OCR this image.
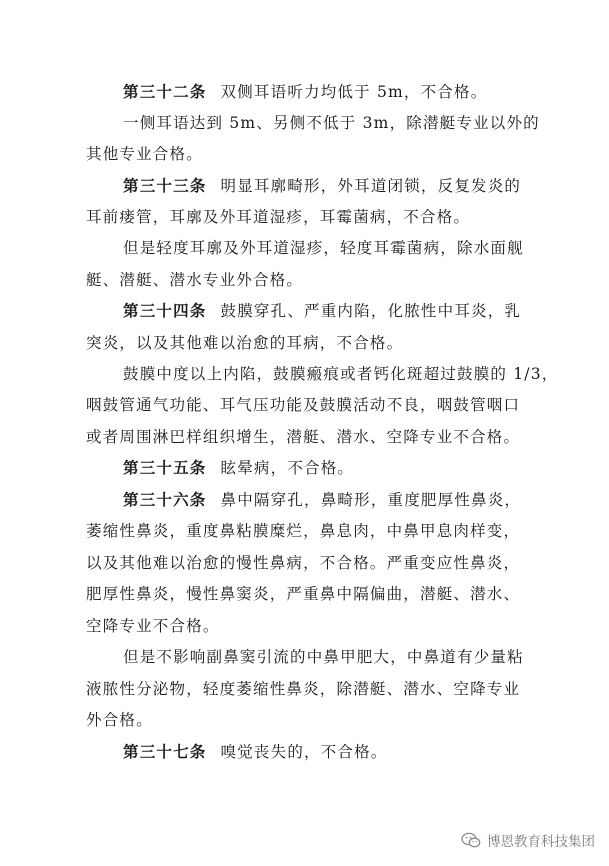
第三十二条 双侧耳语听力均低于 5m，不合格。
一侧耳语达到 5m、另侧不低于 3m，除潜艇专业以外的
其他专业合格。
第三十三条 明显耳廓畸形，外耳道闭锁，反复发炎的
耳前瘘管，耳廓及外耳道湿疹，耳霉菌病，不合格。
但是轻度耳廓及外耳道湿疹，轻度耳霉菌病，除水面舰
艇、潜艇、潜水专业外合格。
第三十四条 鼓膜穿孔、严重内陷，化脓性中耳炎，乳
突炎，以及其他难以治愈的耳病，不合格。
鼓膜中度以上内陷，鼓膜瘢痕或者钙化斑超过鼓膜的 1/3，
咽鼓管通气功能、耳气压功能及鼓膜活动不良，咽鼓管咽口
或者周围淋巴样组织增生，潜艇、潜水、空降专业不合格。
第三十五条 眩晕病，不合格。
第三十六条 鼻中隔穿孔，鼻畸形，重度肥厚性鼻炎，
萎缩性鼻炎，重度鼻粘膜糜烂，鼻息肉，中鼻甲息肉样变，
以及其他难以治愈的慢性鼻病，不合格。严重变应性鼻炎，
肥厚性鼻炎，慢性鼻窦炎，严重鼻中隔偏曲，潜艇、潜水、
空降专业不合格。
但是不影响副鼻窦引流的中鼻甲肥大，中鼻道有少量粘
液脓性分泌物，轻度萎缩性鼻炎，除潜艇、潜水、空降专业
外合格。
第三十七条 嗅觉丧失的，不合格。
博恩教育科技集团
